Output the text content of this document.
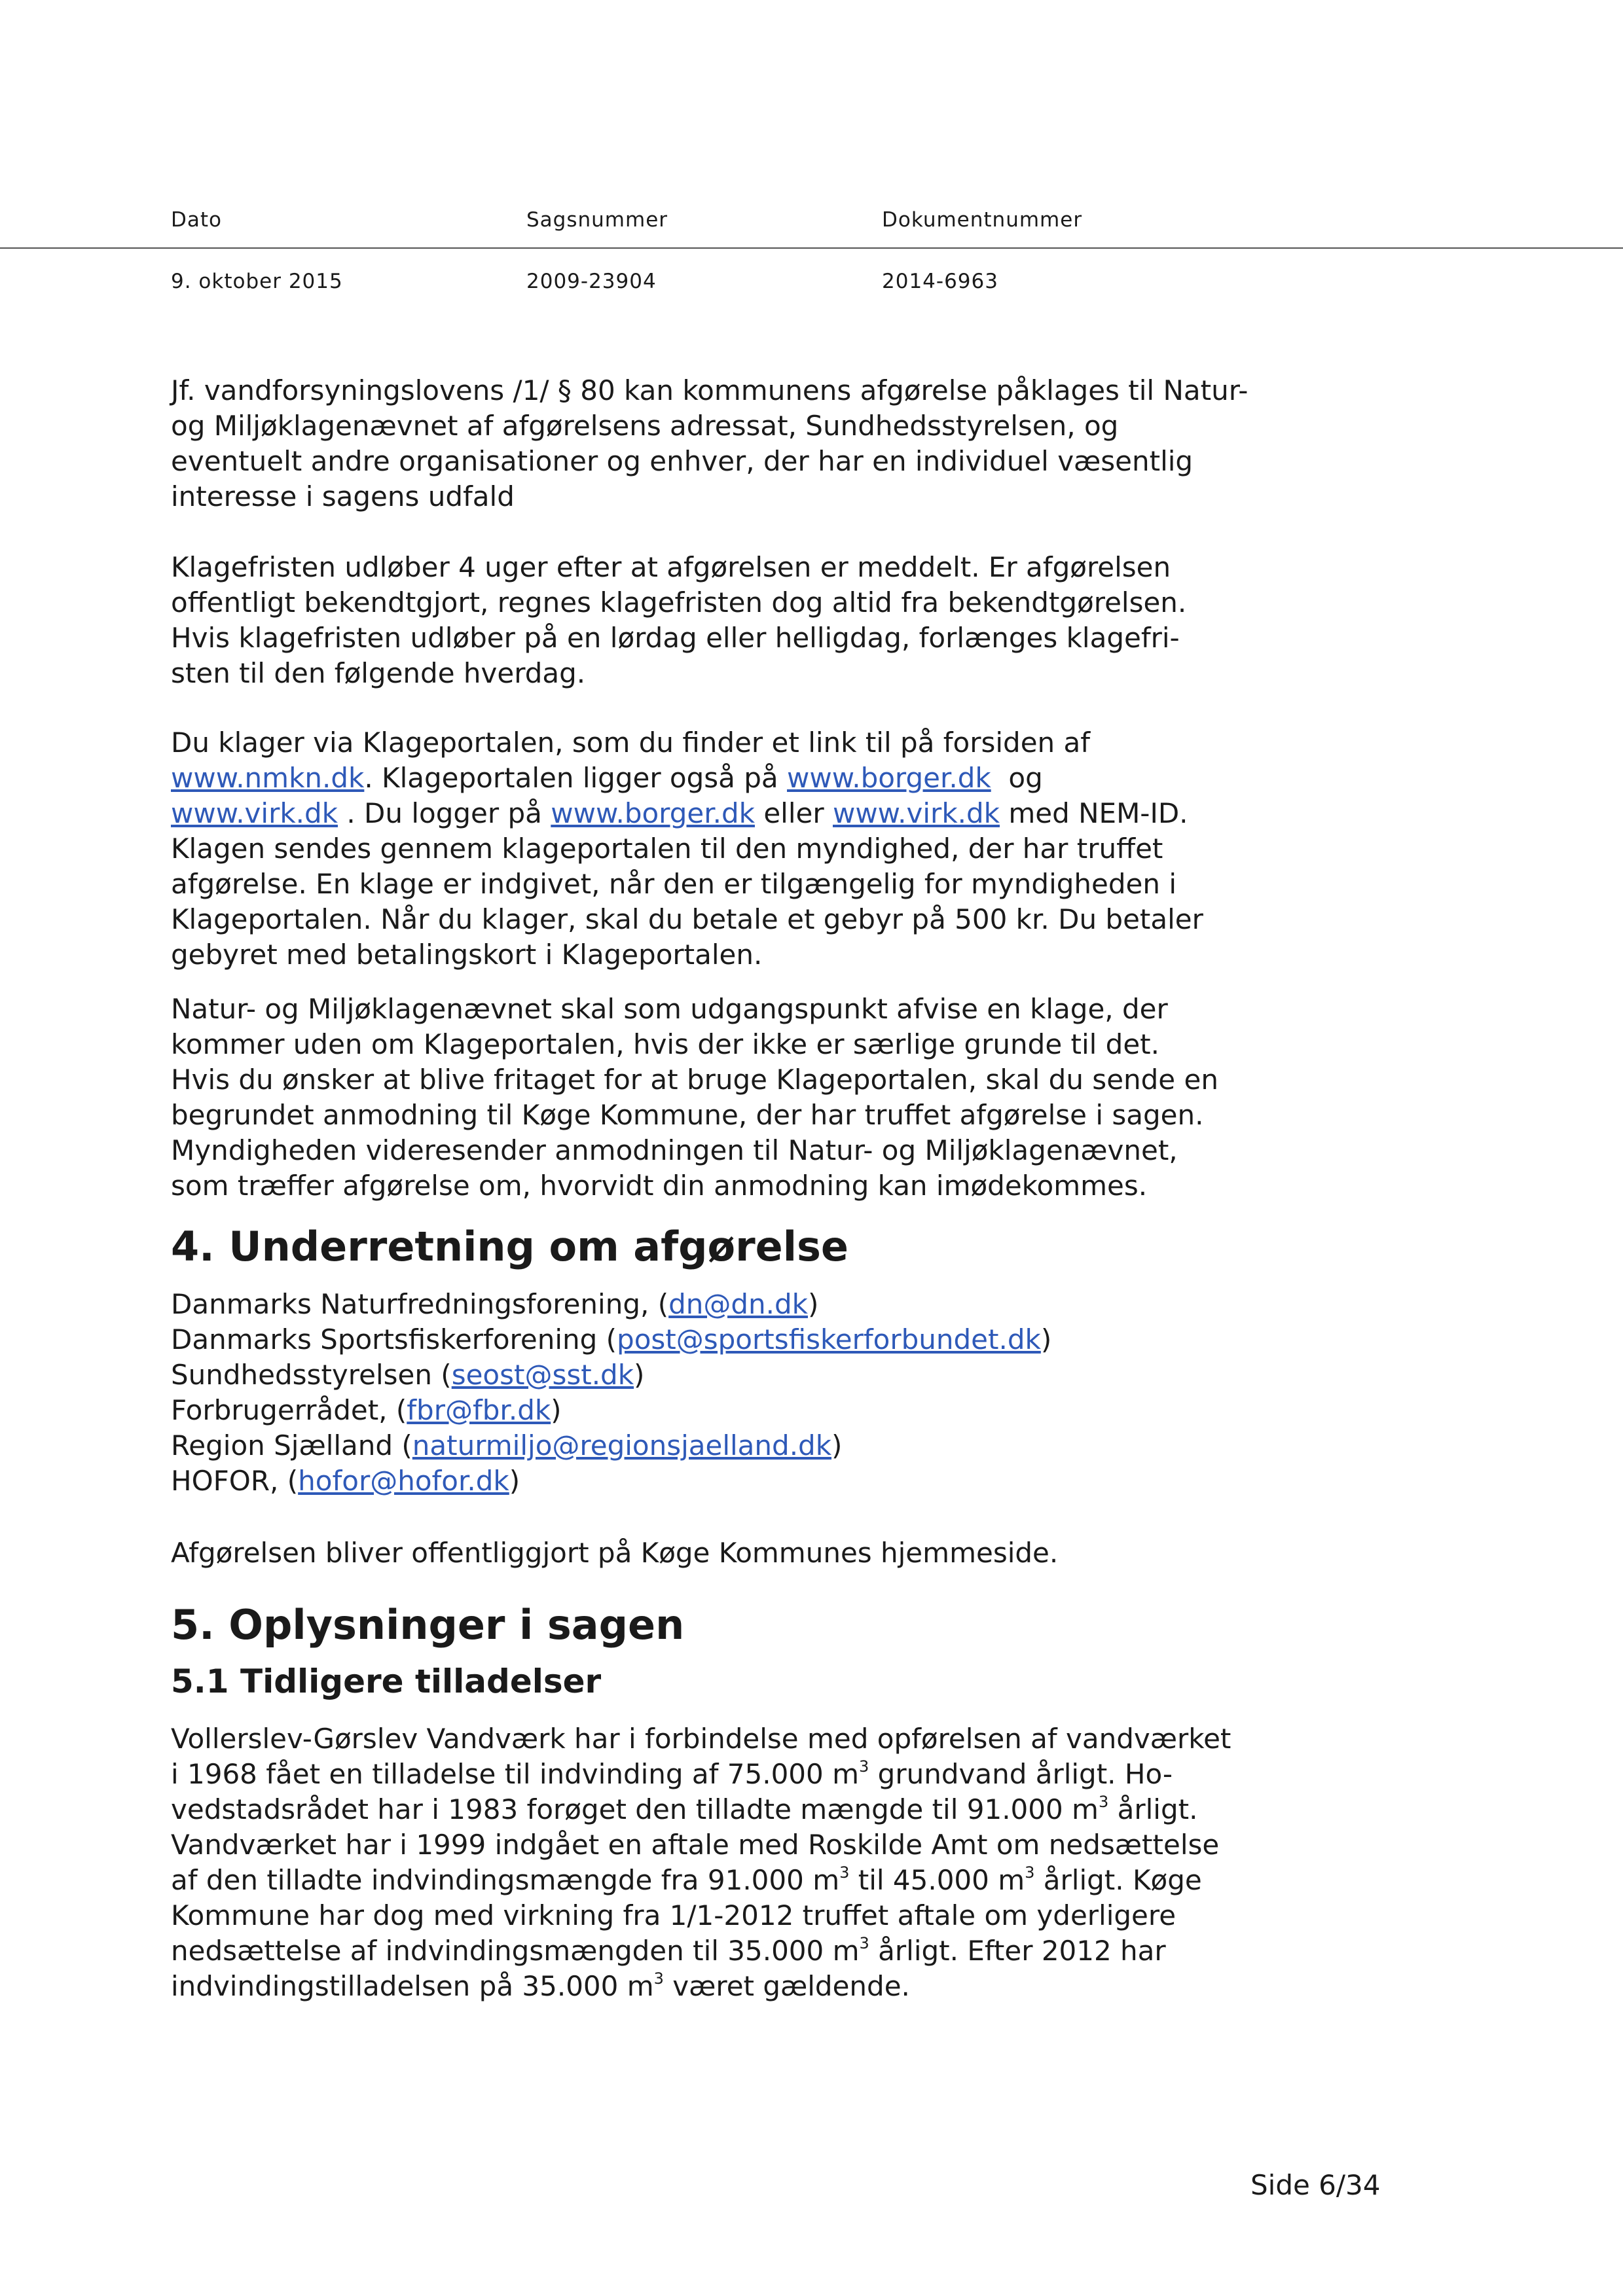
Dato	Sagsnummer	Dokumentnummer
9. oktober 2015	2009-23904	2014-6963

Jf. vandforsyningslovens /1/ § 80 kan kommunens afgørelse påklages til Natur- og Miljøklagenævnet af afgørelsens adressat, Sundhedsstyrelsen, og eventuelt andre organisationer og enhver, der har en individuel væsentlig interesse i sagens udfald

Klagefristen udløber 4 uger efter at afgørelsen er meddelt. Er afgørelsen

offentligt bekendtgjort, regnes klagefristen dog altid fra bekendtgørelsen.

Hvis klagefristen udløber på en lørdag eller helligdag, forlænges klagefri-

sten til den følgende hverdag.

Du klager via Klageportalen, som du finder et link til på forsiden af

www.nmkn.dk. Klageportalen ligger også på www.borger.dk og

www.virk.dk . Du logger på www.borger.dk eller www.virk.dk med NEM-ID.

Klagen sendes gennem klageportalen til den myndighed, der har truffet afgørelse. En klage er indgivet, når den er tilgængelig for myndigheden i Klageportalen. Når du klager, skal du betale et gebyr på 500 kr. Du betaler gebyret med betalingskort i Klageportalen.

Natur- og Miljøklagenævnet skal som udgangspunkt afvise en klage, der

kommer uden om Klageportalen, hvis der ikke er særlige grunde til det.

Hvis du ønsker at blive fritaget for at bruge Klageportalen, skal du sende en

begrundet anmodning til Køge Kommune, der har truffet afgørelse i sagen.

Myndigheden videresender anmodningen til Natur- og Miljøklagenævnet,

som træffer afgørelse om, hvorvidt din anmodning kan imødekommes.

4. Underretning om afgørelse

Danmarks Naturfredningsforening, (dn@dn.dk)

Danmarks Sportsfiskerforening (post@sportsfiskerforbundet.dk)

Sundhedsstyrelsen (seost@sst.dk)

Forbrugerrådet, (fbr@fbr.dk)

Region Sjælland (naturmiljo@regionsjaelland.dk)

HOFOR, (hofor@hofor.dk)

Afgørelsen bliver offentliggjort på Køge Kommunes hjemmeside.
5. Oplysninger i sagen
5.1 Tidligere tilladelser

Vollerslev-Gørslev Vandværk har i forbindelse med opførelsen af vandværket

i 1968 fået en tilladelse til indvinding af 75.000 $m^3$ grundvand årligt. Ho-

vedstadsrådet har i 1983 forøget den tilladte mængde til 91.000 $m^3$ årligt.

Vandværket har i 1999 indgået en aftale med Roskilde Amt om nedsættelse

af den tilladte indvindingsmængde fra 91.000 $m^3$ til 45.000 $m^3$ årligt. Køge

Kommune har dog med virkning fra 1/1-2012 truffet aftale om yderligere

nedsættelse af indvindingsmængden til 35.000 $m^3$ årligt. Efter 2012 har

indvindingstilladelsen på 35.000 $m^3$ været gældende.

Side 6/34
